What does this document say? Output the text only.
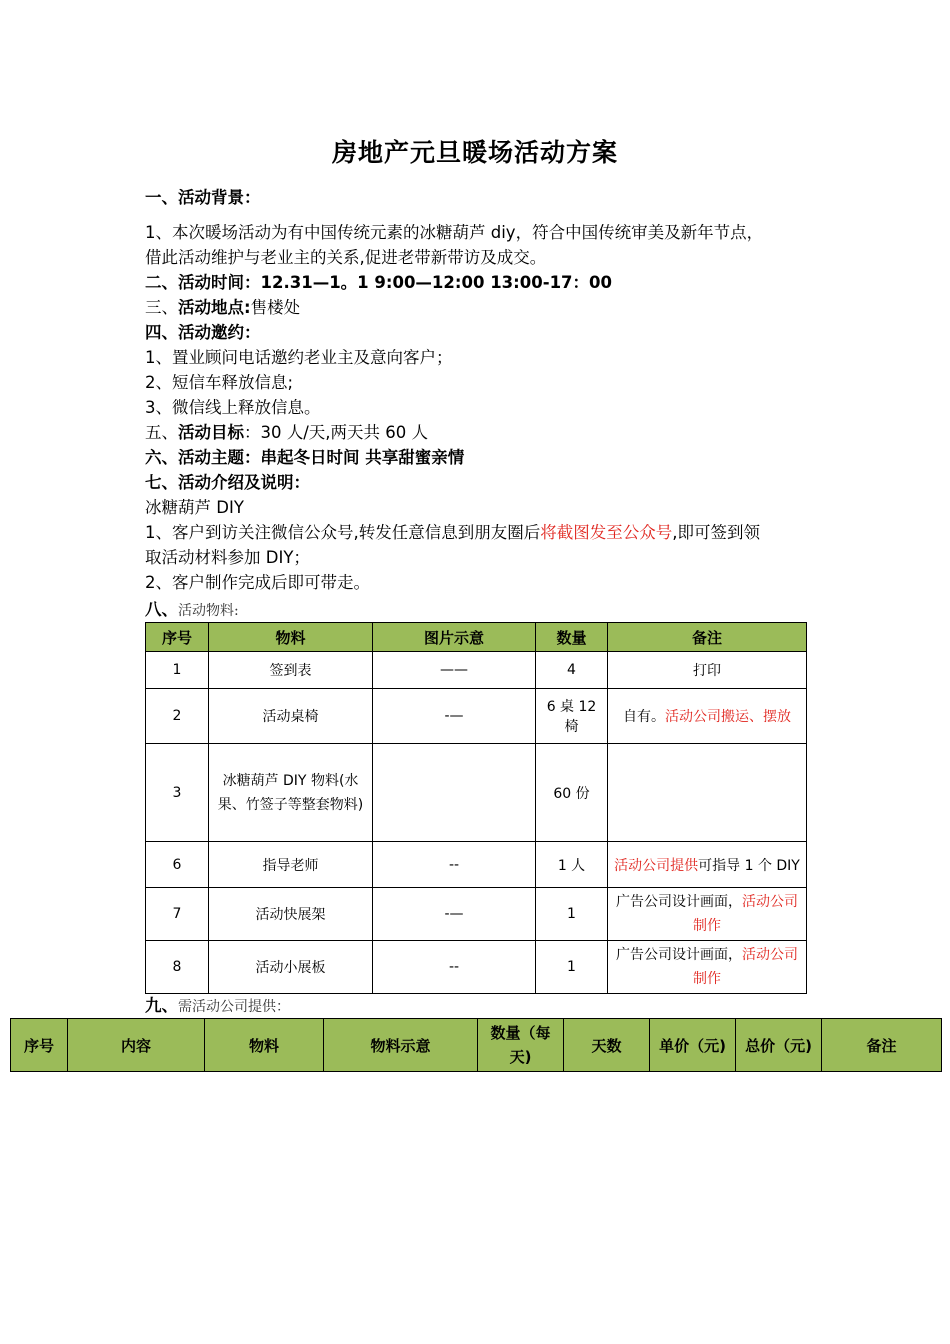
房地产元旦暖场活动方案
一、活动背景：
1、本次暖场活动为有中国传统元素的冰糖葫芦 diy，符合中国传统审美及新年节点，
借此活动维护与老业主的关系,促进老带新带访及成交。
二、活动时间：12.31—1。1 9:00—12:00 13:00-17：00
三、活动地点:售楼处
四、活动邀约：
1、置业顾问电话邀约老业主及意向客户；
2、短信车释放信息;
3、微信线上释放信息。
五、活动目标：30 人/天,两天共 60 人
六、活动主题：串起冬日时间 共享甜蜜亲情
七、活动介绍及说明：
冰糖葫芦 DIY
1、客户到访关注微信公众号,转发任意信息到朋友圈后将截图发至公众号,即可签到领
取活动材料参加 DIY；
2、客户制作完成后即可带走。
八、活动物料:
序号	物料	图片示意	数量	备注
1	签到表	——	4	打印
2	活动桌椅	-—	6 桌 12 椅	自有。活动公司搬运、摆放
3	冰糖葫芦 DIY 物料(水果、竹签子等整套物料)		60 份	
6	指导老师	--	1 人	活动公司提供可指导 1 个 DIY
7	活动快展架	-—	1	广告公司设计画面，活动公司制作
8	活动小展板	--	1	广告公司设计画面，活动公司制作
九、需活动公司提供：
序号	内容	物料	物料示意	数量（每天)	天数	单价（元)	总价（元)	备注
